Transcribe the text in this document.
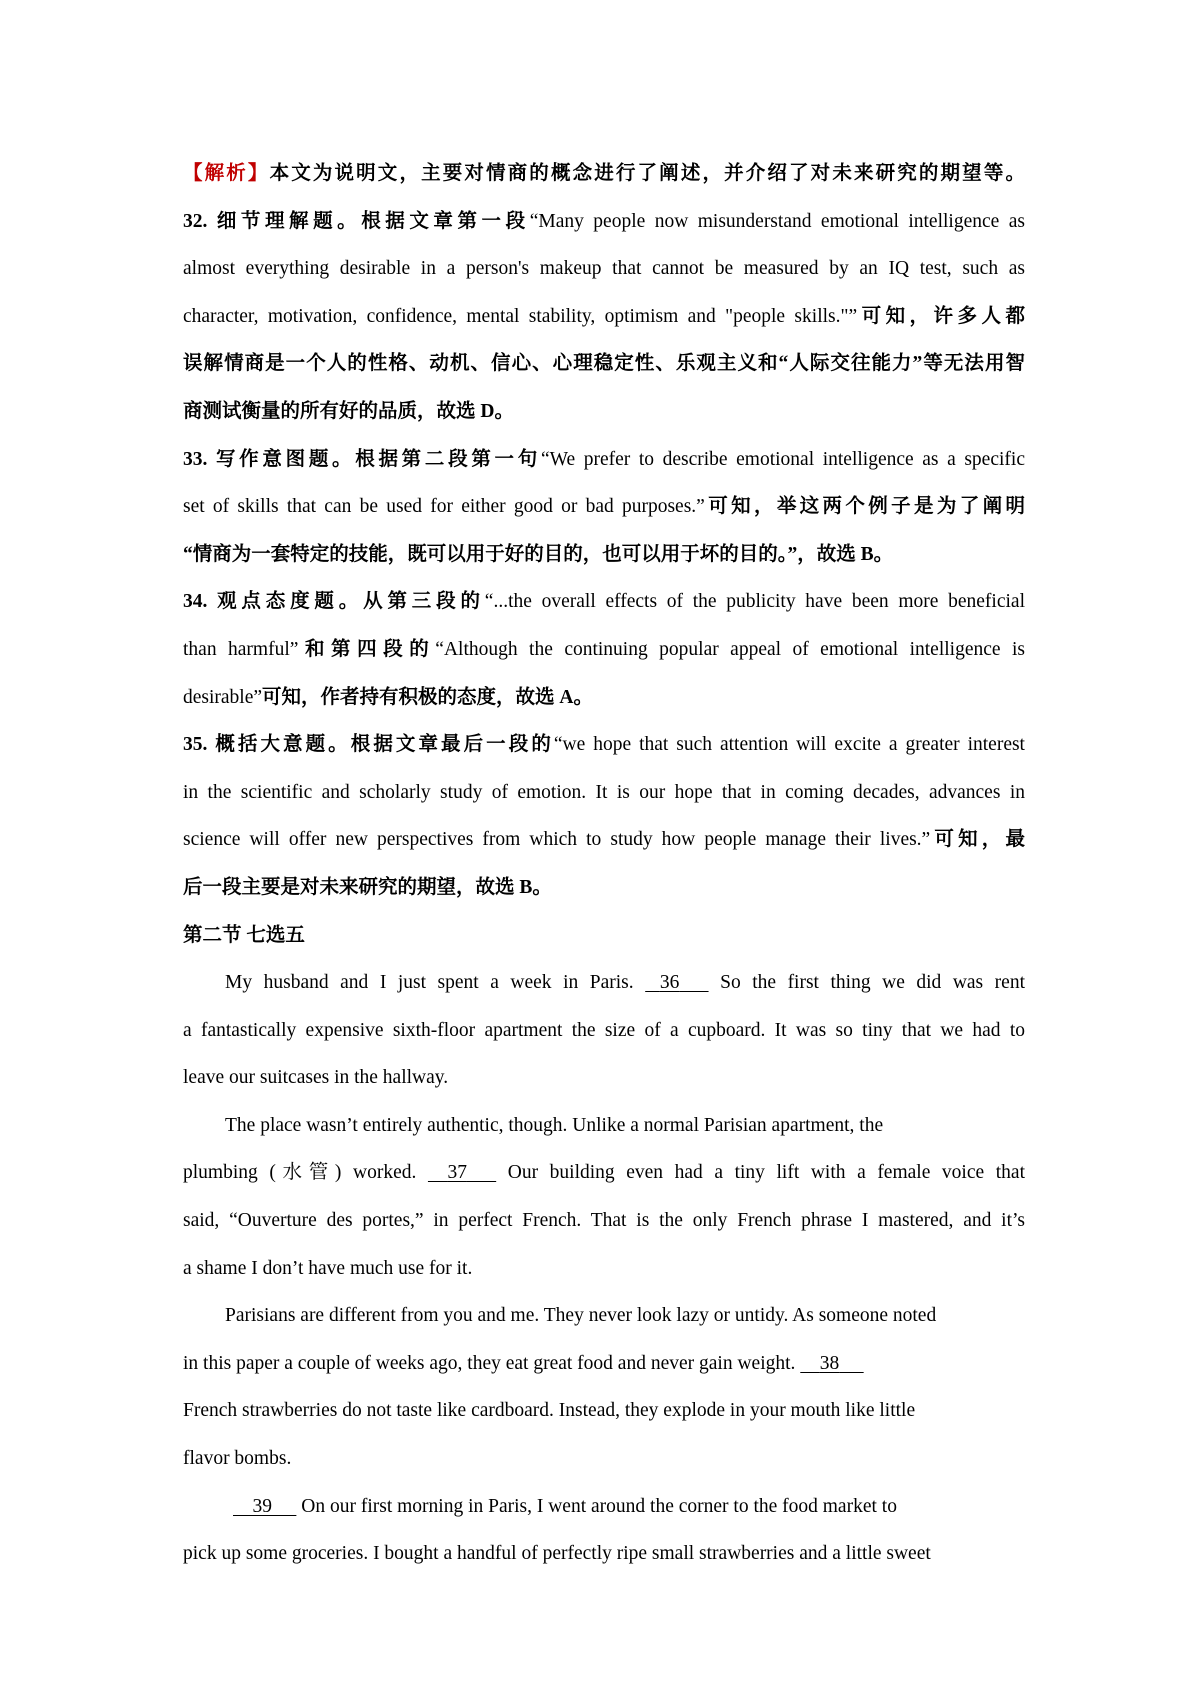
【解析】本文为说明文，主要对情商的概念进行了阐述，并介绍了对未来研究的期望等。
32. 细节理解题。根据文章第一段“Many people now misunderstand emotional intelligence as
almost everything desirable in a person's makeup that cannot be measured by an IQ test, such as
character, motivation, confidence, mental stability, optimism and "people skills."”可知，许多人都
误解情商是一个人的性格、动机、信心、心理稳定性、乐观主义和“人际交往能力”等无法用智
商测试衡量的所有好的品质，故选 D。
33. 写作意图题。根据第二段第一句“We prefer to describe emotional intelligence as a specific
set of skills that can be used for either good or bad purposes.”可知，举这两个例子是为了阐明
“情商为一套特定的技能，既可以用于好的目的，也可以用于坏的目的。”，故选 B。
34. 观点态度题。从第三段的“...the overall effects of the publicity have been more beneficial
than harmful”和第四段的“Although the continuing popular appeal of emotional intelligence is
desirable”可知，作者持有积极的态度，故选 A。
35. 概括大意题。根据文章最后一段的“we hope that such attention will excite a greater interest
in the scientific and scholarly study of emotion. It is our hope that in coming decades, advances in
science will offer new perspectives from which to study how people manage their lives.”可知，最
后一段主要是对未来研究的期望，故选 B。
第二节 七选五
My husband and I just spent a week in Paris. 36 So the first thing we did was rent
a fantastically expensive sixth-floor apartment the size of a cupboard. It was so tiny that we had to
leave our suitcases in the hallway.
The place wasn’t entirely authentic, though. Unlike a normal Parisian apartment, the
plumbing (水管) worked. 37 Our building even had a tiny lift with a female voice that
said, “Ouverture des portes,” in perfect French. That is the only French phrase I mastered, and it’s
a shame I don’t have much use for it.
Parisians are different from you and me. They never look lazy or untidy. As someone noted
in this paper a couple of weeks ago, they eat great food and never gain weight. 38
French strawberries do not taste like cardboard. Instead, they explode in your mouth like little
flavor bombs.
39 On our first morning in Paris, I went around the corner to the food market to
pick up some groceries. I bought a handful of perfectly ripe small strawberries and a little sweet
